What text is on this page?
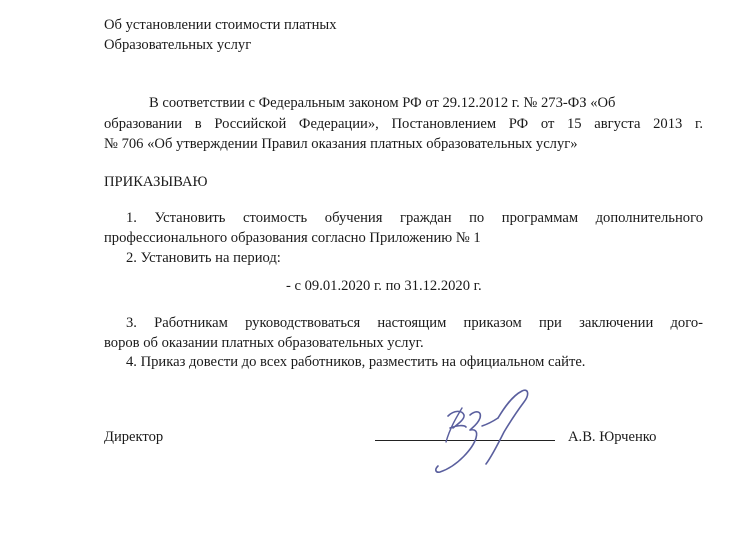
Об установлении стоимости платных
Образовательных услуг
В соответствии с Федеральным законом РФ от 29.12.2012 г. № 273-ФЗ «Об
образовании в Российской Федерации», Постановлением РФ от 15 августа 2013 г.
№ 706 «Об утверждении Правил оказания платных образовательных услуг»
ПРИКАЗЫВАЮ
1. Установить стоимость обучения граждан по программам дополнительного
профессионального образования согласно Приложению № 1
2. Установить на период:
- с 09.01.2020 г. по 31.12.2020 г.
3. Работникам руководствоваться настоящим приказом при заключении дого-
воров об оказании платных образовательных услуг.
4. Приказ довести до всех работников, разместить на официальном сайте.
Директор	А.В. Юрченко
